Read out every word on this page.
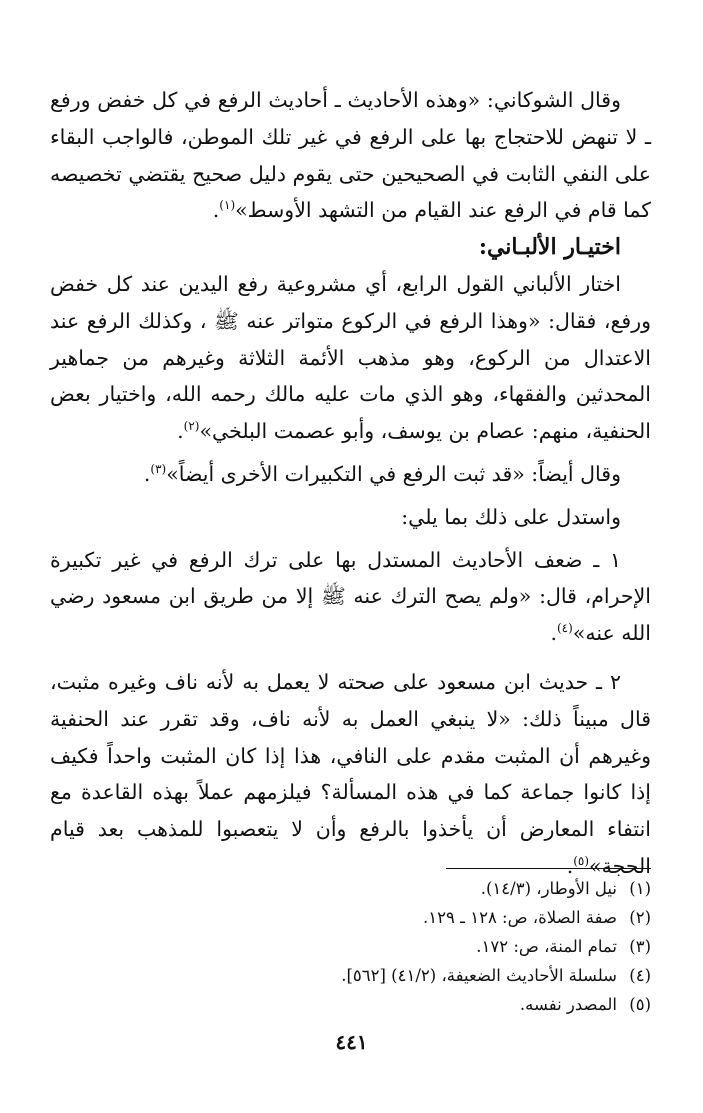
وقال الشوكاني: «وهذه الأحاديث ـ أحاديث الرفع في كل خفض ورفع ـ لا تنهض للاحتجاج بها على الرفع في غير تلك الموطن، فالواجب البقاء على النفي الثابت في الصحيحين حتى يقوم دليل صحيح يقتضي تخصيصه كما قام في الرفع عند القيام من التشهد الأوسط»$^{(١)}$.

اختيـار الألبـاني:

اختار الألباني القول الرابع، أي مشروعية رفع اليدين عند كل خفض ورفع، فقال: «وهذا الرفع في الركوع متواتر عنه ﷺ ، وكذلك الرفع عند الاعتدال من الركوع، وهو مذهب الأئمة الثلاثة وغيرهم من جماهير المحدثين والفقهاء، وهو الذي مات عليه مالك رحمه الله، واختيار بعض الحنفية، منهم: عصام بن يوسف، وأبو عصمت البلخي»$^{(٢)}$.

وقال أيضاً: «قد ثبت الرفع في التكبيرات الأخرى أيضاً»$^{(٣)}$.

واستدل على ذلك بما يلي:

١ ـ ضعف الأحاديث المستدل بها على ترك الرفع في غير تكبيرة الإحرام، قال: «ولم يصح الترك عنه ﷺ إلا من طريق ابن مسعود رضي الله عنه»$^{(٤)}$.

٢ ـ حديث ابن مسعود على صحته لا يعمل به لأنه ناف وغيره مثبت، قال مبيناً ذلك: «لا ينبغي العمل به لأنه ناف، وقد تقرر عند الحنفية وغيرهم أن المثبت مقدم على النافي، هذا إذا كان المثبت واحداً فكيف إذا كانوا جماعة كما في هذه المسألة؟ فيلزمهم عملاً بهذه القاعدة مع انتفاء المعارض أن يأخذوا بالرفع وأن لا يتعصبوا للمذهب بعد قيام الحجة»$^{(٥)}$.

(١)
نيل الأوطار، (١٤/٣).
(٢)
صفة الصلاة، ص: ١٢٨ ـ ١٢٩.
(٣)
تمام المنة، ص: ١٧٢.
(٤)
سلسلة الأحاديث الضعيفة، (٤١/٢) [٥٦٢].
(٥)
المصدر نفسه.
٤٤١
